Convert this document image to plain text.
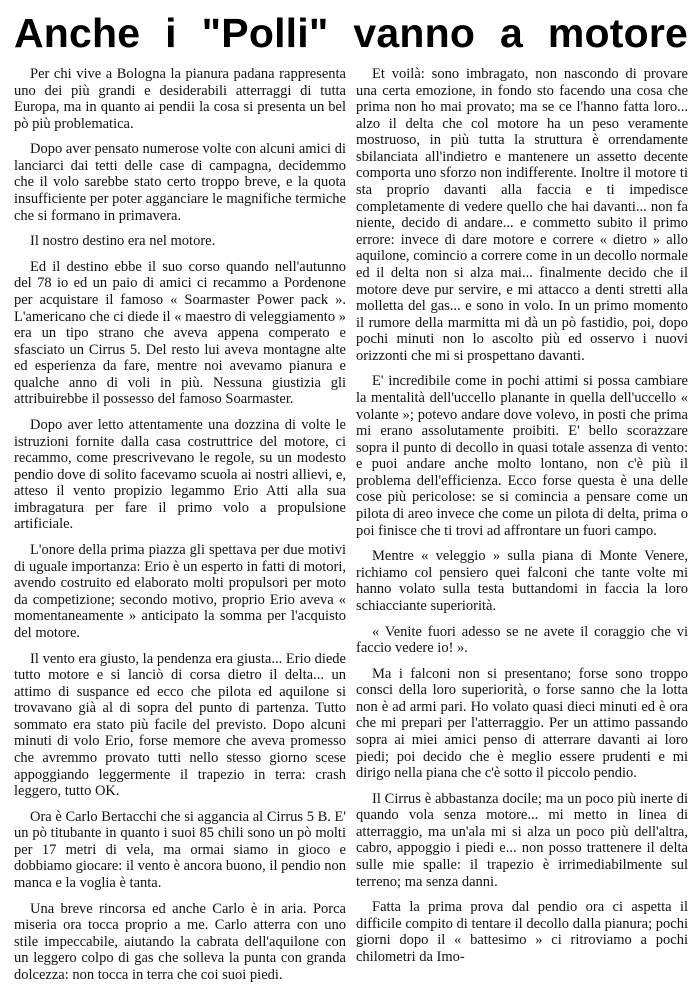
Anche i "Polli" vanno a motore

Per chi vive a Bologna la pianura padana rappresenta uno dei più grandi e desiderabili atterraggi di tutta Europa, ma in quanto ai pendii la cosa si presenta un bel pò più problematica.

Dopo aver pensato numerose volte con alcuni amici di lanciarci dai tetti delle case di campagna, decidemmo che il volo sarebbe stato certo troppo breve, e la quota insufficiente per poter agganciare le magnifiche termiche che si formano in primavera.

Il nostro destino era nel motore.

Ed il destino ebbe il suo corso quando nell'autunno del 78 io ed un paio di amici ci recammo a Pordenone per acquistare il famoso « Soarmaster Power pack ». L'americano che ci diede il « maestro di veleggiamento » era un tipo strano che aveva appena comperato e sfasciato un Cirrus 5. Del resto lui aveva montagne alte ed esperienza da fare, mentre noi avevamo pianura e qualche anno di voli in più. Nessuna giustizia gli attribuirebbe il possesso del famoso Soarmaster.

Dopo aver letto attentamente una dozzina di volte le istruzioni fornite dalla casa costruttrice del motore, ci recammo, come prescrivevano le regole, su un modesto pendio dove di solito facevamo scuola ai nostri allievi, e, atteso il vento propizio legammo Erio Atti alla sua imbragatura per fare il primo volo a propulsione artificiale.

L'onore della prima piazza gli spettava per due motivi di uguale importanza: Erio è un esperto in fatti di motori, avendo costruito ed elaborato molti propulsori per moto da competizione; secondo motivo, proprio Erio aveva « momentaneamente » anticipato la somma per l'acquisto del motore.

Il vento era giusto, la pendenza era giusta... Erio diede tutto motore e si lanciò di corsa dietro il delta... un attimo di suspance ed ecco che pilota ed aquilone si trovavano già al di sopra del punto di partenza. Tutto sommato era stato più facile del previsto. Dopo alcuni minuti di volo Erio, forse memore che aveva promesso che avremmo provato tutti nello stesso giorno scese appoggiando leggermente il trapezio in terra: crash leggero, tutto OK.

Ora è Carlo Bertacchi che si aggancia al Cirrus 5 B. E' un pò titubante in quanto i suoi 85 chili sono un pò molti per 17 metri di vela, ma ormai siamo in gioco e dobbiamo giocare: il vento è ancora buono, il pendio non manca e la voglia è tanta.

Una breve rincorsa ed anche Carlo è in aria. Porca miseria ora tocca proprio a me. Carlo atterra con uno stile impeccabile, aiutando la cabrata dell'aquilone con un leggero colpo di gas che solleva la punta con granda dolcezza: non tocca in terra che coi suoi piedi.

Et voilà: sono imbragato, non nascondo di provare una certa emozione, in fondo sto facendo una cosa che prima non ho mai provato; ma se ce l'hanno fatta loro... alzo il delta che col motore ha un peso veramente mostruoso, in più tutta la struttura è orrendamente sbilanciata all'indietro e mantenere un assetto decente comporta uno sforzo non indifferente. Inoltre il motore ti sta proprio davanti alla faccia e ti impedisce completamente di vedere quello che hai davanti... non fa niente, decido di andare... e commetto subito il primo errore: invece di dare motore e correre « dietro » allo aquilone, comincio a correre come in un decollo normale ed il delta non si alza mai... finalmente decido che il motore deve pur servire, e mi attacco a denti stretti alla molletta del gas... e sono in volo. In un primo momento il rumore della marmitta mi dà un pò fastidio, poi, dopo pochi minuti non lo ascolto più ed osservo i nuovi orizzonti che mi si prospettano davanti.

E' incredibile come in pochi attimi si possa cambiare la mentalità dell'uccello planante in quella dell'uccello « volante »; potevo andare dove volevo, in posti che prima mi erano assolutamente proibiti. E' bello scorazzare sopra il punto di decollo in quasi totale assenza di vento: e puoi andare anche molto lontano, non c'è più il problema dell'efficienza. Ecco forse questa è una delle cose più pericolose: se si comincia a pensare come un pilota di areo invece che come un pilota di delta, prima o poi finisce che ti trovi ad affrontare un fuori campo.

Mentre « veleggio » sulla piana di Monte Venere, richiamo col pensiero quei falconi che tante volte mi hanno volato sulla testa buttandomi in faccia la loro schiacciante superiorità.

« Venite fuori adesso se ne avete il coraggio che vi faccio vedere io! ».

Ma i falconi non si presentano; forse sono troppo consci della loro superiorità, o forse sanno che la lotta non è ad armi pari. Ho volato quasi dieci minuti ed è ora che mi prepari per l'atterraggio. Per un attimo passando sopra ai miei amici penso di atterrare davanti ai loro piedi; poi decido che è meglio essere prudenti e mi dirigo nella piana che c'è sotto il piccolo pendio.

Il Cirrus è abbastanza docile; ma un poco più inerte di quando vola senza motore... mi metto in linea di atterraggio, ma un'ala mi si alza un poco più dell'altra, cabro, appoggio i piedi e... non posso trattenere il delta sulle mie spalle: il trapezio è irrimediabilmente sul terreno; ma senza danni.

Fatta la prima prova dal pendio ora ci aspetta il difficile compito di tentare il decollo dalla pianura; pochi giorni dopo il « battesimo » ci ritroviamo a pochi chilometri da Imo-
